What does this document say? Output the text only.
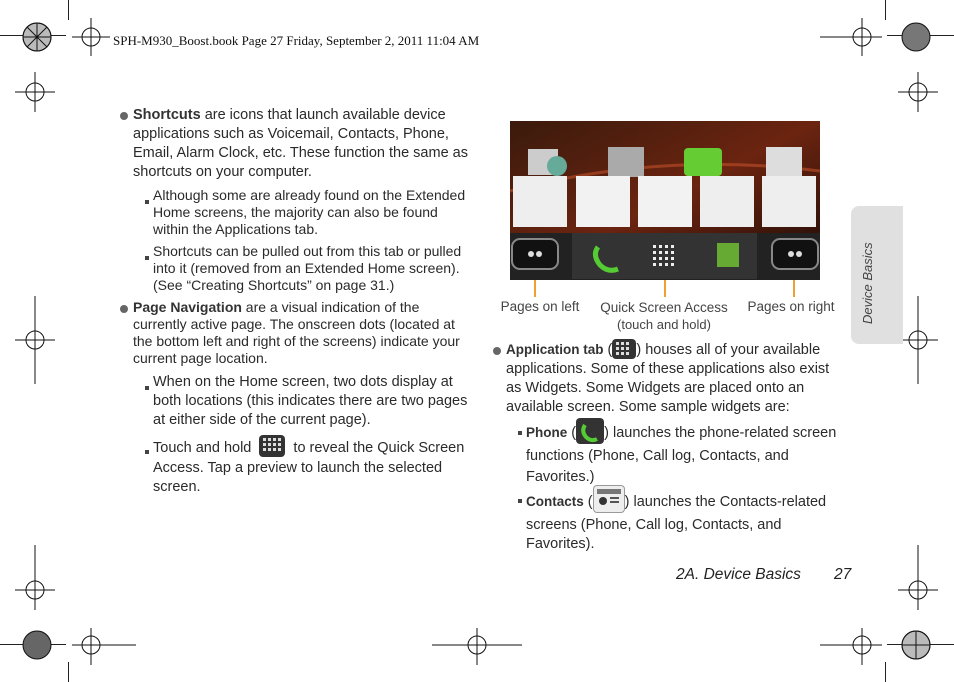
SPH-M930_Boost.book Page 27 Friday, September 2, 2011 11:04 AM
Shortcuts are icons that launch available device applications such as Voicemail, Contacts, Phone, Email, Alarm Clock, etc. These function the same as shortcuts on your computer.
Although some are already found on the Extended Home screens, the majority can also be found within the Applications tab.
Shortcuts can be pulled out from this tab or pulled into it (removed from an Extended Home screen). (See “Creating Shortcuts” on page 31.)
Page Navigation are a visual indication of the currently active page. The onscreen dots (located at the bottom left and right of the screens) indicate your current page location.
When on the Home screen, two dots display at both locations (this indicates there are two pages at either side of the current page).
Touch and hold	to reveal the Quick Screen Access. Tap a preview to launch the selected screen.
Pages on left	Quick Screen Access
(touch and hold)
Pages on right
Application tab ( ) houses all of your available applications. Some of these applications also exist as Widgets. Some Widgets are placed onto an available screen. Some sample widgets are:
Phone ( ) launches the phone-related screen functions (Phone, Call log, Contacts, and Favorites.)
Contacts ( ) launches the Contacts-related screens (Phone, Call log, Contacts, and Favorites).
Device Basics
2A. Device Basics 27
